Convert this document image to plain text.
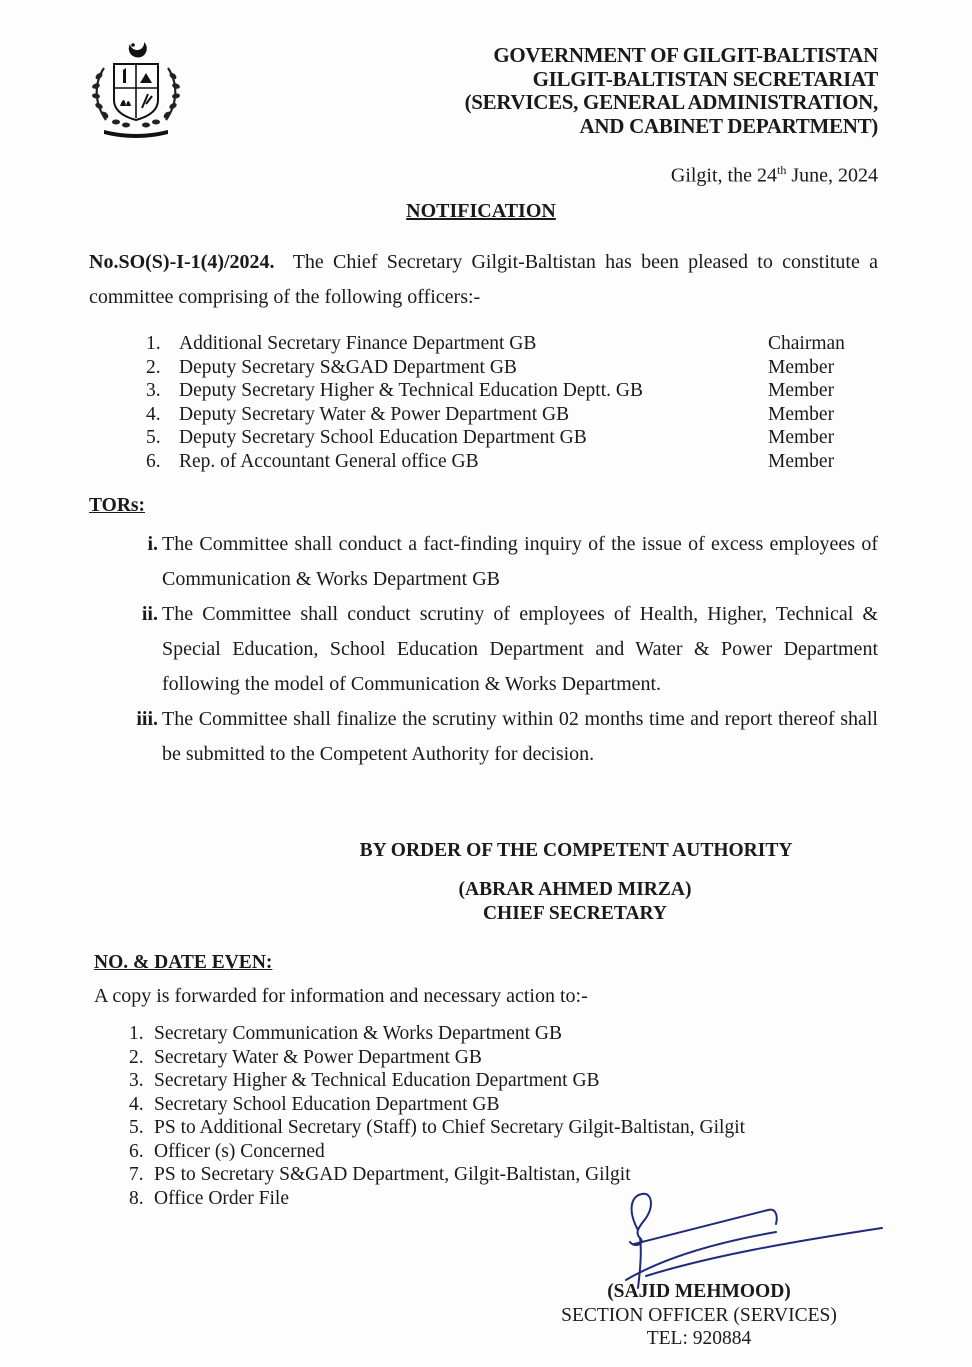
GOVERNMENT OF GILGIT-BALTISTAN
GILGIT-BALTISTAN SECRETARIAT
(SERVICES, GENERAL ADMINISTRATION,
AND CABINET DEPARTMENT)
Gilgit, the 24th June, 2024
NOTIFICATION
No.SO(S)-I-1(4)/2024. The Chief Secretary Gilgit-Baltistan has been pleased to constitute a committee comprising of the following officers:-
1. Additional Secretary Finance Department GB	Chairman
2. Deputy Secretary S&GAD Department GB	Member
3. Deputy Secretary Higher & Technical Education Deptt. GB	Member
4. Deputy Secretary Water & Power Department GB	Member
5. Deputy Secretary School Education Department GB	Member
6. Rep. of Accountant General office GB	Member
TORs:
i. The Committee shall conduct a fact-finding inquiry of the issue of excess employees of Communication & Works Department GB
ii. The Committee shall conduct scrutiny of employees of Health, Higher, Technical & Special Education, School Education Department and Water & Power Department following the model of Communication & Works Department.
iii. The Committee shall finalize the scrutiny within 02 months time and report thereof shall be submitted to the Competent Authority for decision.
BY ORDER OF THE COMPETENT AUTHORITY
(ABRAR AHMED MIRZA)
CHIEF SECRETARY
NO. & DATE EVEN:
A copy is forwarded for information and necessary action to:-
1. Secretary Communication & Works Department GB
2. Secretary Water & Power Department GB
3. Secretary Higher & Technical Education Department GB
4. Secretary School Education Department GB
5. PS to Additional Secretary (Staff) to Chief Secretary Gilgit-Baltistan, Gilgit
6. Officer (s) Concerned
7. PS to Secretary S&GAD Department, Gilgit-Baltistan, Gilgit
8. Office Order File
(SAJID MEHMOOD)
SECTION OFFICER (SERVICES)
TEL: 920884
